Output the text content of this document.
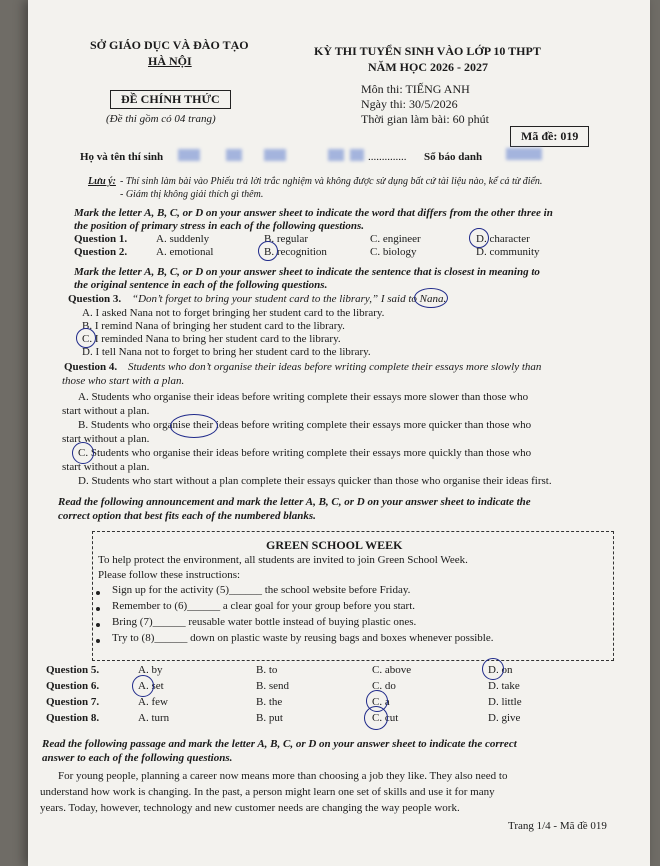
SỞ GIÁO DỤC VÀ ĐÀO TẠO
HÀ NỘI
ĐỀ CHÍNH THỨC
(Đề thi gồm có 04 trang)
KỲ THI TUYỂN SINH VÀO LỚP 10 THPT
NĂM HỌC 2026 - 2027
Môn thi: TIẾNG ANH
Ngày thi: 30/5/2026
Thời gian làm bài: 60 phút
Mã đề: 019
Họ và tên thí sinh	.............. Số báo danh
Lưu ý: - Thí sinh làm bài vào Phiếu trả lời trắc nghiệm và không được sử dụng bất cứ tài liệu nào, kể cả từ điển.
- Giám thị không giải thích gì thêm.
Mark the letter A, B, C, or D on your answer sheet to indicate the word that differs from the other three in
the position of primary stress in each of the following questions.
Question 1.	A. suddenly	B. regular	C. engineer	D. character
Question 2.	A. emotional	B. recognition	C. biology	D. community
Mark the letter A, B, C, or D on your answer sheet to indicate the sentence that is closest in meaning to
the original sentence in each of the following questions.
Question 3. “Don’t forget to bring your student card to the library,” I said to Nana.
A. I asked Nana not to forget bringing her student card to the library.
B. I remind Nana of bringing her student card to the library.
C. I reminded Nana to bring her student card to the library.
D. I tell Nana not to forget to bring her student card to the library.
Question 4. Students who don’t organise their ideas before writing complete their essays more slowly than
those who start with a plan.
A. Students who organise their ideas before writing complete their essays more slower than those who
start without a plan.
B. Students who organise their ideas before writing complete their essays more quicker than those who
start without a plan.
C. Students who organise their ideas before writing complete their essays more quickly than those who
start without a plan.
D. Students who start without a plan complete their essays quicker than those who organise their ideas first.
Read the following announcement and mark the letter A, B, C, or D on your answer sheet to indicate the
correct option that best fits each of the numbered blanks.
GREEN SCHOOL WEEK
To help protect the environment, all students are invited to join Green School Week.
Please follow these instructions:
Sign up for the activity (5)______ the school website before Friday.
Remember to (6)______ a clear goal for your group before you start.
Bring (7)______ reusable water bottle instead of buying plastic ones.
Try to (8)______ down on plastic waste by reusing bags and boxes whenever possible.
Question 5.	A. by	B. to	C. above	D. on
Question 6.	A. set	B. send	C. do	D. take
Question 7.	A. few	B. the	C. a	D. little
Question 8.	A. turn	B. put	C. cut	D. give
Read the following passage and mark the letter A, B, C, or D on your answer sheet to indicate the correct
answer to each of the following questions.
For young people, planning a career now means more than choosing a job they like. They also need to
understand how work is changing. In the past, a person might learn one set of skills and use it for many
years. Today, however, technology and new customer needs are changing the way people work.
Trang 1/4 - Mã đề 019
